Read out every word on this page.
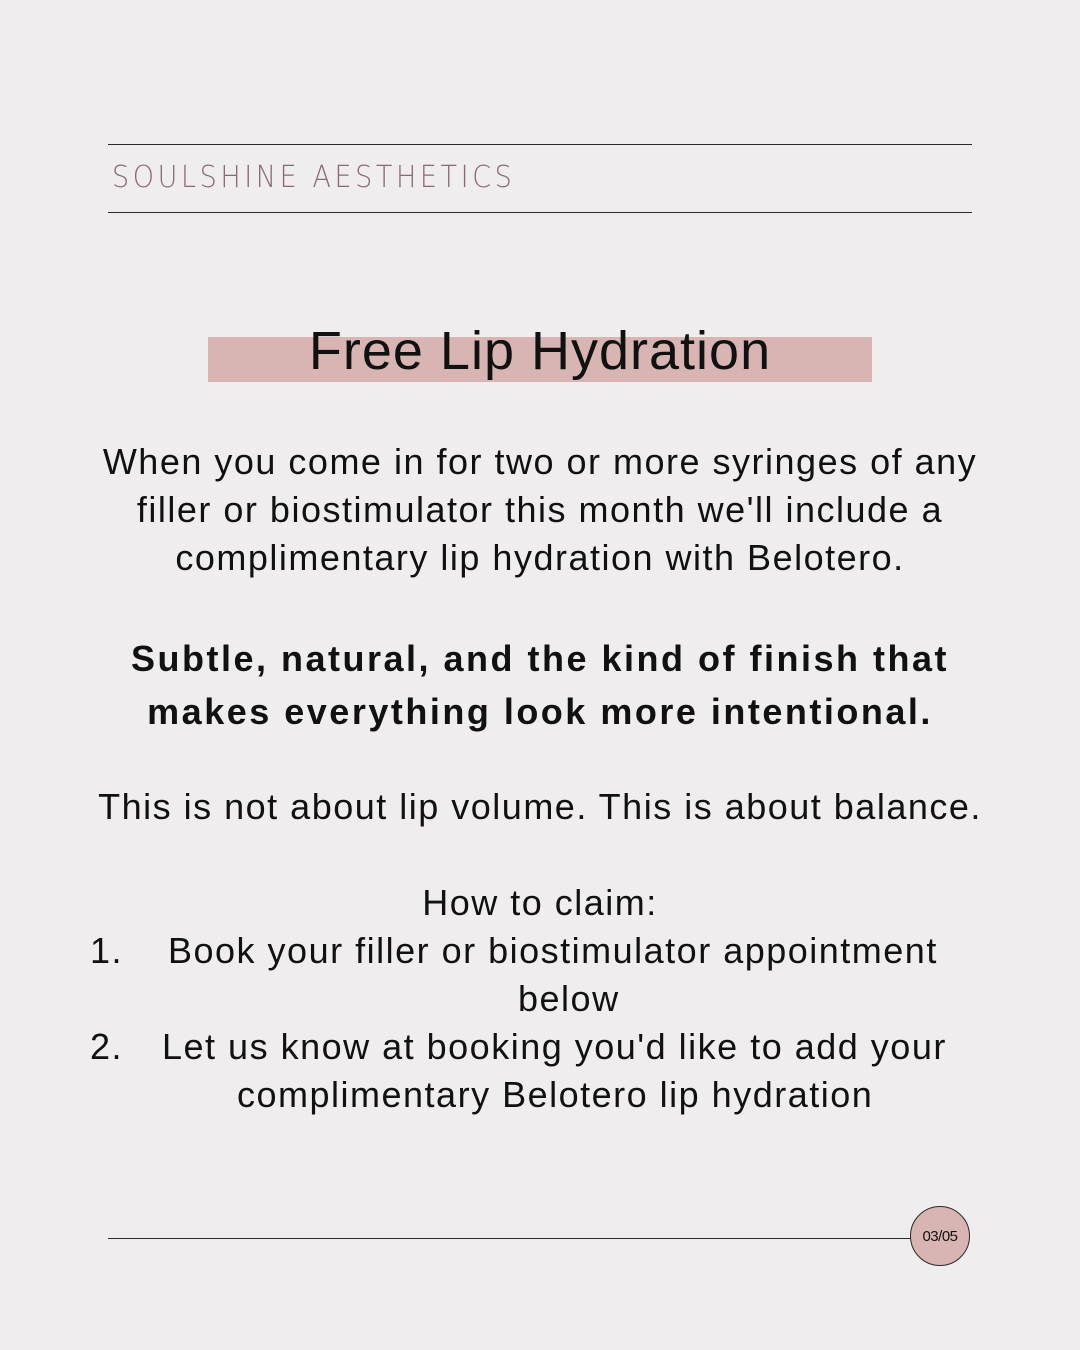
SOULSHINE AESTHETICS
Free Lip Hydration
When you come in for two or more syringes of any
filler or biostimulator this month we'll include a
complimentary lip hydration with Belotero.
Subtle, natural, and the kind of finish that
makes everything look more intentional.
This is not about lip volume. This is about balance.
How to claim:
1. Book your filler or biostimulator appointment
below
2. Let us know at booking you'd like to add your
complimentary Belotero lip hydration
03/05
